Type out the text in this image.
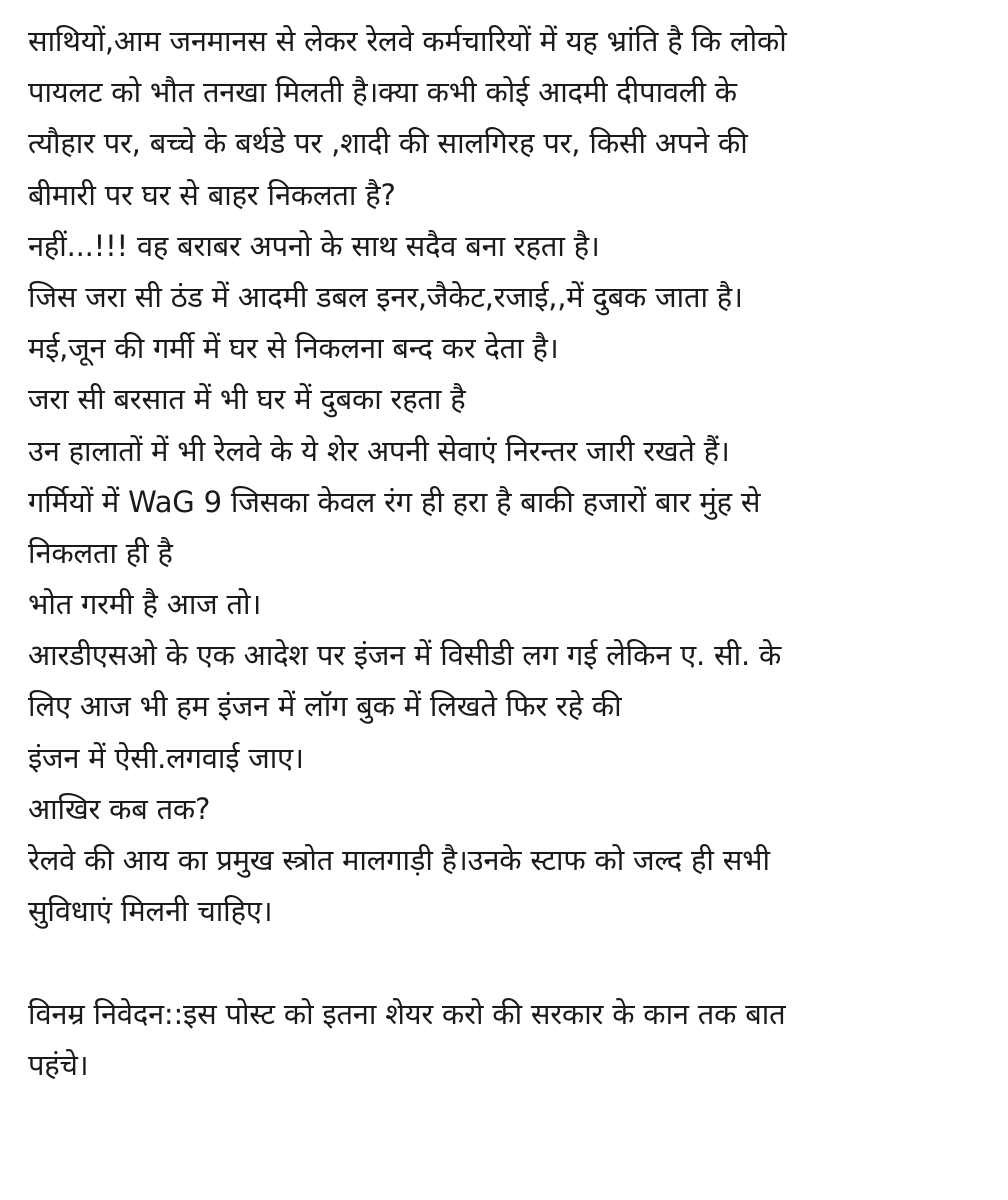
साथियों,आम जनमानस से लेकर रेलवे कर्मचारियों में यह भ्रांति है कि लोको
पायलट को भौत तनखा मिलती है।क्या कभी कोई आदमी दीपावली के
त्यौहार पर, बच्चे के बर्थडे पर ,शादी की सालगिरह पर, किसी अपने की
बीमारी पर घर से बाहर निकलता है?
नहीं...!!! वह बराबर अपनो के साथ सदैव बना रहता है।
जिस जरा सी ठंड में आदमी डबल इनर,जैकेट,रजाई,,में दुबक जाता है।
मई,जून की गर्मी में घर से निकलना बन्द कर देता है।
जरा सी बरसात में भी घर में दुबका रहता है
उन हालातों में भी रेलवे के ये शेर अपनी सेवाएं निरन्तर जारी रखते हैं।
गर्मियों में WaG 9 जिसका केवल रंग ही हरा है बाकी हजारों बार मुंह से
निकलता ही है
भोत गरमी है आज तो।
आरडीएसओ के एक आदेश पर इंजन में विसीडी लग गई लेकिन ए. सी. के
लिए आज भी हम इंजन में लॉग बुक में लिखते फिर रहे की
इंजन में ऐसी.लगवाई जाए।
आखिर कब तक?
रेलवे की आय का प्रमुख स्त्रोत मालगाड़ी है।उनके स्टाफ को जल्द ही सभी
सुविधाएं मिलनी चाहिए।
विनम्र निवेदन::इस पोस्ट को इतना शेयर करो की सरकार के कान तक बात
पहंचे।
